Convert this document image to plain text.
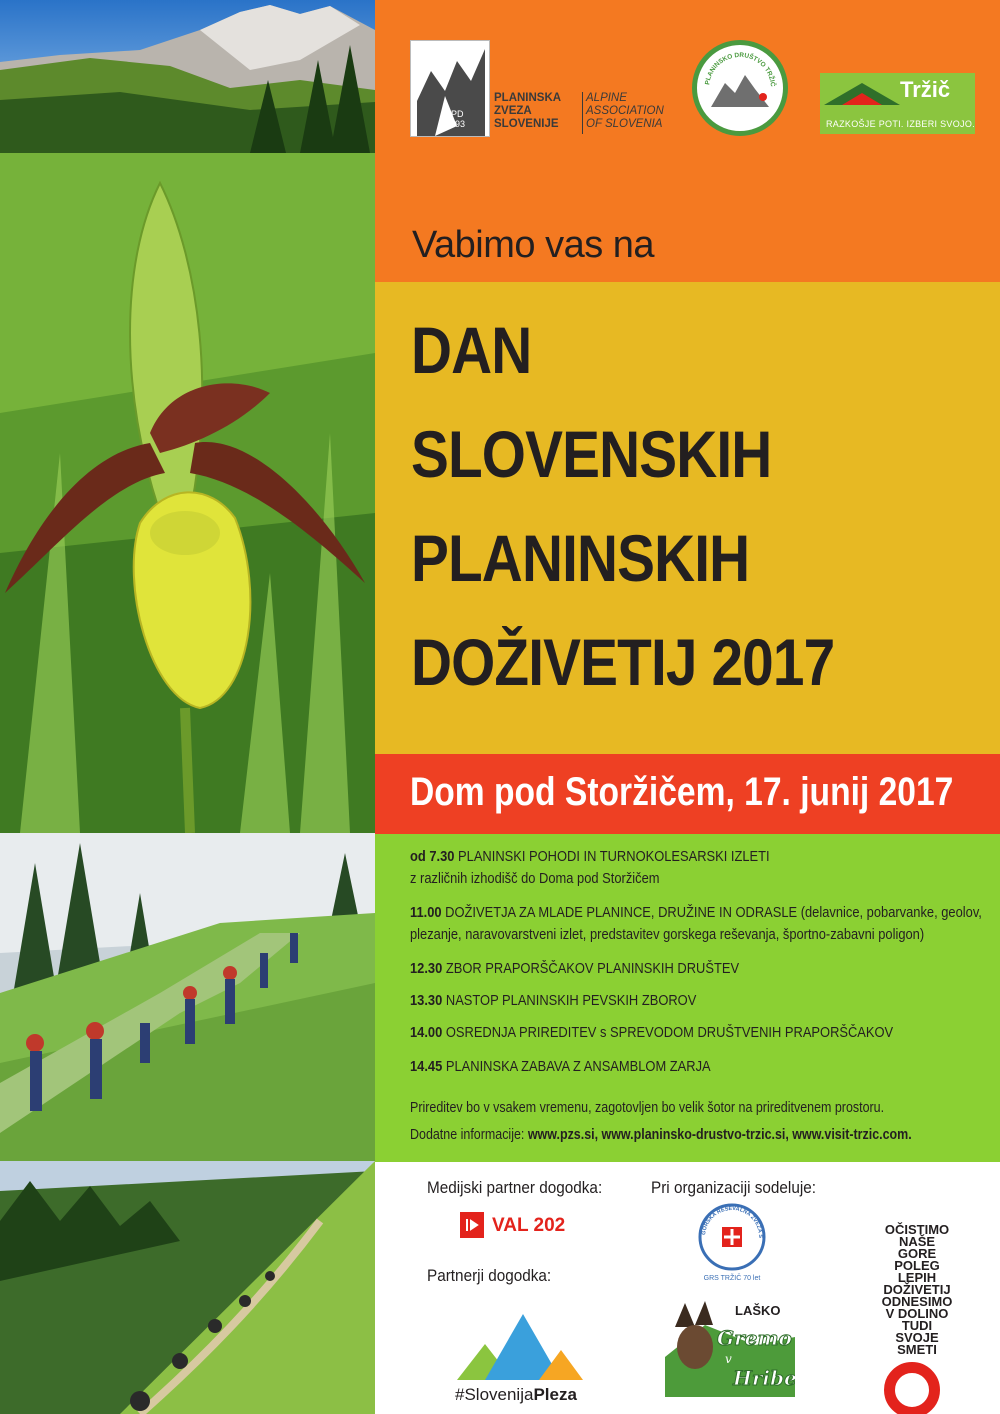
SPD
1893
PLANINSKA
ZVEZA
SLOVENIJE
ALPINE
ASSOCIATION
OF SLOVENIA
PLANINSKO DRUŠTVO TRŽIČ	Tržič
RAZKOŠJE POTI. IZBERI SVOJO.
Vabimo vas na
DAN
SLOVENSKIH
PLANINSKIH
DOŽIVETIJ 2017
Dom pod Storžičem, 17. junij 2017
od 7.30 PLANINSKI POHODI IN TURNOKOLESARSKI IZLETI
z različnih izhodišč do Doma pod Storžičem
11.00 DOŽIVETJA ZA MLADE PLANINCE, DRUŽINE IN ODRASLE (delavnice, pobarvanke, geolov,
plezanje, naravovarstveni izlet, predstavitev gorskega reševanja, športno-zabavni poligon)
12.30 ZBOR PRAPORŠČAKOV PLANINSKIH DRUŠTEV
13.30 NASTOP PLANINSKIH PEVSKIH ZBOROV
14.00 OSREDNJA PRIREDITEV s SPREVODOM DRUŠTVENIH PRAPORŠČAKOV
14.45 PLANINSKA ZABAVA Z ANSAMBLOM ZARJA
Prireditev bo v vsakem vremenu, zagotovljen bo velik šotor na prireditvenem prostoru.
Dodatne informacije: www.pzs.si, www.planinsko-drustvo-trzic.si, www.visit-trzic.com.
Medijski partner dogodka:
VAL 202
Partnerji dogodka:
#SlovenijaPleza
Pri organizaciji sodeluje:
GORSKA REŠEVALNA ZVEZA S
GRS TRŽIČ 70 let
LAŠKO
Gremo
v
Hribe
OČISTIMO
NAŠE GORE
POLEG LEPIH
DOŽIVETIJ
ODNESIMO
V DOLINO
TUDI SVOJE
SMETI
